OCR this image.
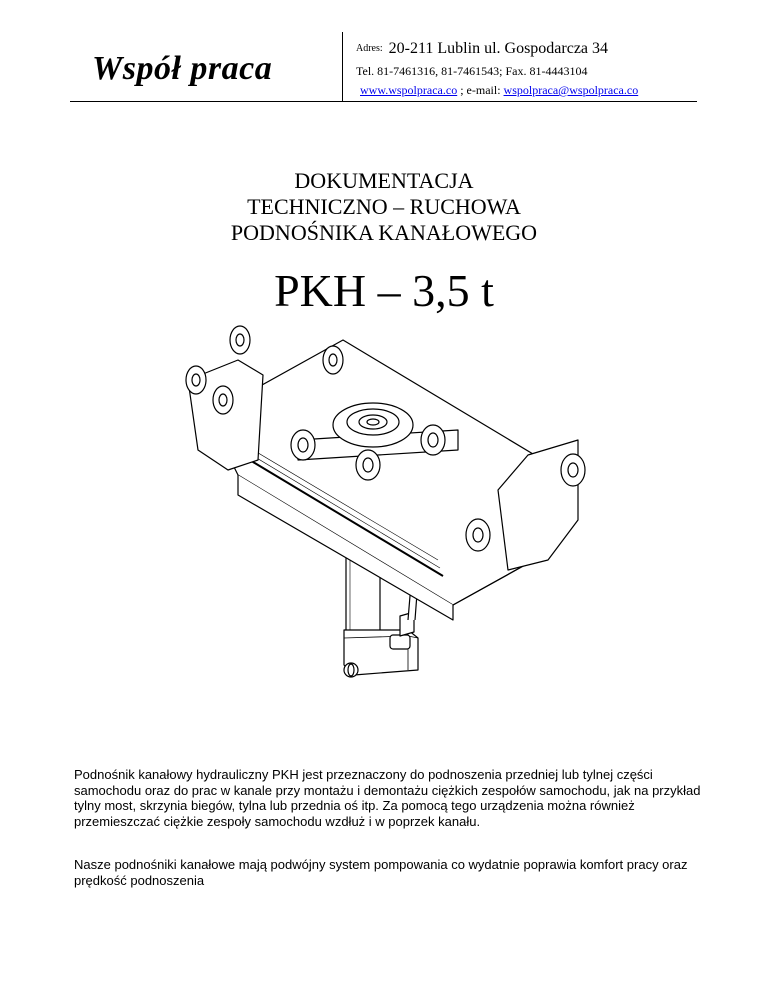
Współ praca
Adres: 20-211 Lublin ul. Gospodarcza 34
Tel. 81-7461316, 81-7461543; Fax. 81-4443104
www.wspolpraca.co ; e-mail: wspolpraca@wspolpraca.co
DOKUMENTACJA
TECHNICZNO – RUCHOWA
PODNOŚNIKA KANAŁOWEGO
PKH – 3,5 t
Podnośnik kanałowy hydrauliczny PKH jest przeznaczony do podnoszenia przedniej lub tylnej części samochodu oraz do prac w kanale przy montażu i demontażu ciężkich zespołów samochodu, jak na przykład tylny most, skrzynia biegów, tylna lub przednia oś itp. Za pomocą tego urządzenia można również przemieszczać ciężkie zespoły samochodu wzdłuż i w poprzek kanału.
Nasze podnośniki kanałowe mają podwójny system pompowania co wydatnie poprawia komfort pracy oraz prędkość podnoszenia
